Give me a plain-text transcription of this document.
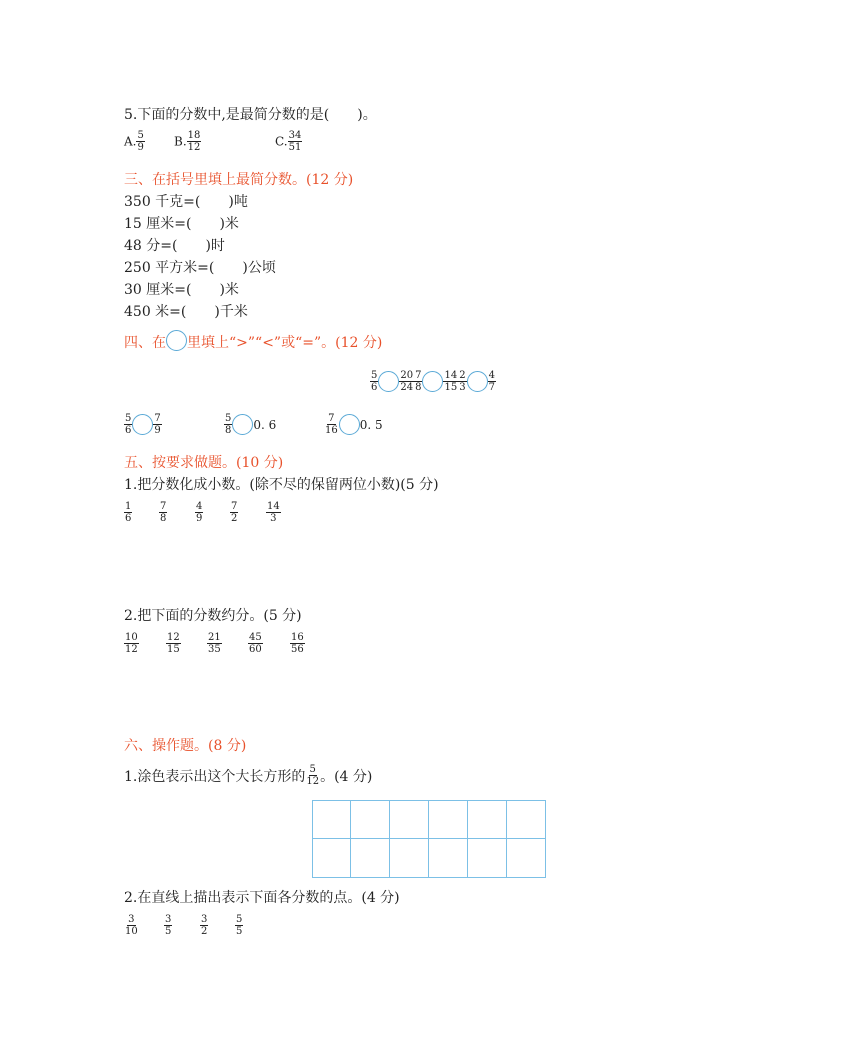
5.下面的分数中,是最简分数的是(　　)。
A. $\frac{5}{9} B$. $\frac{18}{12}$	C. $\frac{34}{51}$
三、在括号里填上最简分数。(12 分)
350 千克=(　　)吨
15 厘米=(　　)米
48 分=(　　)时
250 平方米=(　　)公顷
30 厘米=(　　)米
450 米=(　　)千米
四、在 里填上“>”“<”或“=”。(12 分)
$\frac{5}{6} \frac{20}{24} \frac{7}{8} \frac{14}{15} \frac{2}{3} \frac{4}{7}$
$\frac{5}{6} \frac{7}{9}$	$\frac{5}{8} 0$. 6	$\frac{7}{16} 0$. 5
五、按要求做题。(10 分)
1.把分数化成小数。(除不尽的保留两位小数)(5 分)
$\frac{1}{6}$	$\frac{7}{8}$	$\frac{4}{9}$	$\frac{7}{2}$	$\frac{14}{3}$
2.把下面的分数约分。(5 分)
$\frac{10}{12}$	$\frac{12}{15}$	$\frac{21}{35}$	$\frac{45}{60}$	$\frac{16}{56}$
六、操作题。(8 分)
1.涂色表示出这个大长方形的 $\frac{5}{12}$ 。(4 分)
2.在直线上描出表示下面各分数的点。(4 分)
$\frac{3}{10}$	$\frac{3}{5}$	$\frac{3}{2}$	$\frac{5}{5}$
